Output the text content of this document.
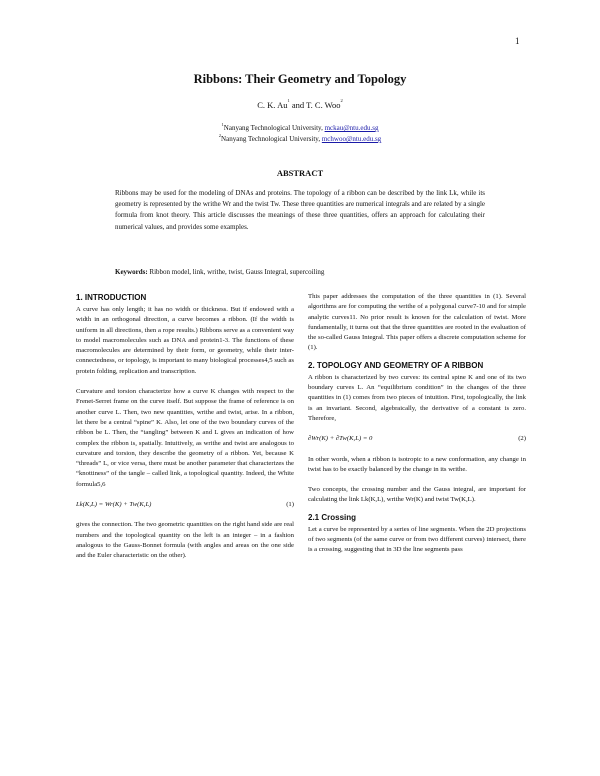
1
Ribbons: Their Geometry and Topology
C. K. Au$^1$ and T. C. Woo$^2$
$^1$Nanyang Technological University, mckau@ntu.edu.sg
$^2$Nanyang Technological University, mchwoo@ntu.edu.sg
ABSTRACT
Ribbons may be used for the modeling of DNAs and proteins. The topology of a ribbon can be described by the link Lk, while its geometry is represented by the writhe Wr and the twist Tw. These three quantities are numerical integrals and are related by a single formula from knot theory. This article discusses the meanings of these three quantities, offers an approach for calculating their numerical values, and provides some examples.
Keywords: Ribbon model, link, writhe, twist, Gauss Integral, supercoiling
1. INTRODUCTION

A curve has only length; it has no width or thickness. But if endowed with a width in an orthogonal direction, a curve becomes a ribbon. (If the width is uniform in all directions, then a rope results.) Ribbons serve as a convenient way to model macromolecules such as DNA and protein1-3. The functions of these macromolecules are determined by their form, or geometry, while their inter-connectedness, or topology, is important to many biological processes4,5 such as protein folding, replication and transcription.

Curvature and torsion characterize how a curve K changes with respect to the Frenet-Serret frame on the curve itself. But suppose the frame of reference is on another curve L. Then, two new quantities, writhe and twist, arise. In a ribbon, let there be a central “spine” K. Also, let one of the two boundary curves of the ribbon be L. Then, the “tangling” between K and L gives an indication of how complex the ribbon is, spatially. Intuitively, as writhe and twist are analogous to curvature and torsion, they describe the geometry of a ribbon. Yet, because K “threads” L, or vice versa, there must be another parameter that characterizes the “knottiness” of the tangle – called link, a topological quantity. Indeed, the White formula5,6

Lk(K,L) = Wr(K) + Tw(K,L)	(1)

gives the connection. The two geometric quantities on the right hand side are real numbers and the topological quantity on the left is an integer – in a fashion analogous to the Gauss-Bonnet formula (with angles and areas on the one side and the Euler characteristic on the other).

This paper addresses the computation of the three quantities in (1). Several algorithms are for computing the writhe of a polygonal curve7-10 and for simple analytic curves11. No prior result is known for the calculation of twist. More fundamentally, it turns out that the three quantities are rooted in the evaluation of the so-called Gauss Integral. This paper offers a discrete computation scheme for (1).

2. TOPOLOGY AND GEOMETRY OF A RIBBON

A ribbon is characterized by two curves: its central spine K and one of its two boundary curves L. An “equilibrium condition” in the changes of the three quantities in (1) comes from two pieces of intuition. First, topologically, the link is an invariant. Second, algebraically, the derivative of a constant is zero. Therefore,

∂Wr(K) + ∂Tw(K,L) = 0	(2)

In other words, when a ribbon is isotropic to a new conformation, any change in twist has to be exactly balanced by the change in its writhe.

Two concepts, the crossing number and the Gauss integral, are important for calculating the link Lk(K,L), writhe Wr(K) and twist Tw(K,L).

2.1 Crossing

Let a curve be represented by a series of line segments. When the 2D projections of two segments (of the same curve or from two different curves) intersect, there is a crossing, suggesting that in 3D the line segments pass
